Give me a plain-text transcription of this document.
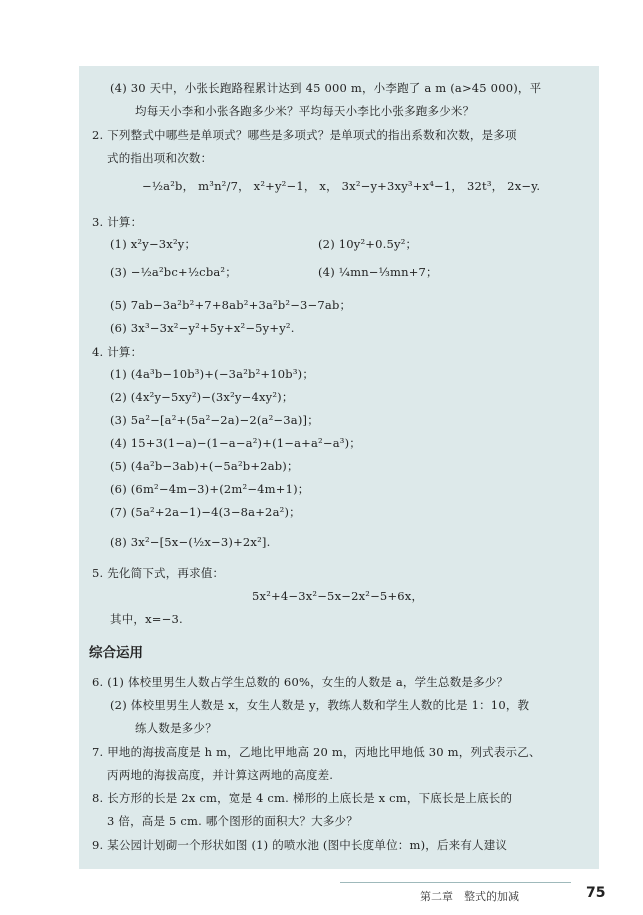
(4) 30 天中，小张长跑路程累计达到 45 000 m，小李跑了 a m (a>45 000)，平
均每天小李和小张各跑多少米？平均每天小李比小张多跑多少米？
2. 下列整式中哪些是单项式？哪些是多项式？是单项式的指出系数和次数，是多项
式的指出项和次数：
−½a²b， m³n²/7， x²+y²−1， x， 3x²−y+3xy³+x⁴−1， 32t³， 2x−y.
3. 计算：
(1) x²y−3x²y；	(2) 10y²+0.5y²；
(3) −½a²bc+½cba²；	(4) ¼mn−⅓mn+7；
(5) 7ab−3a²b²+7+8ab²+3a²b²−3−7ab；
(6) 3x³−3x²−y²+5y+x²−5y+y².
4. 计算：
(1) (4a³b−10b³)+(−3a²b²+10b³)；
(2) (4x²y−5xy²)−(3x²y−4xy²)；
(3) 5a²−[a²+(5a²−2a)−2(a²−3a)]；
(4) 15+3(1−a)−(1−a−a²)+(1−a+a²−a³)；
(5) (4a²b−3ab)+(−5a²b+2ab)；
(6) (6m²−4m−3)+(2m²−4m+1)；
(7) (5a²+2a−1)−4(3−8a+2a²)；
(8) 3x²−[5x−(½x−3)+2x²].
5. 先化简下式，再求值：
5x²+4−3x²−5x−2x²−5+6x，
其中，x=−3.
综合运用
6. (1) 体校里男生人数占学生总数的 60%，女生的人数是 a，学生总数是多少？
(2) 体校里男生人数是 x，女生人数是 y，教练人数和学生人数的比是 1：10，教
练人数是多少？
7. 甲地的海拔高度是 h m，乙地比甲地高 20 m，丙地比甲地低 30 m，列式表示乙、
丙两地的海拔高度，并计算这两地的高度差.
8. 长方形的长是 2x cm，宽是 4 cm. 梯形的上底长是 x cm，下底长是上底长的
3 倍，高是 5 cm. 哪个图形的面积大？大多少？
9. 某公园计划砌一个形状如图 (1) 的喷水池 (图中长度单位：m)，后来有人建议
第二章　整式的加减	75
